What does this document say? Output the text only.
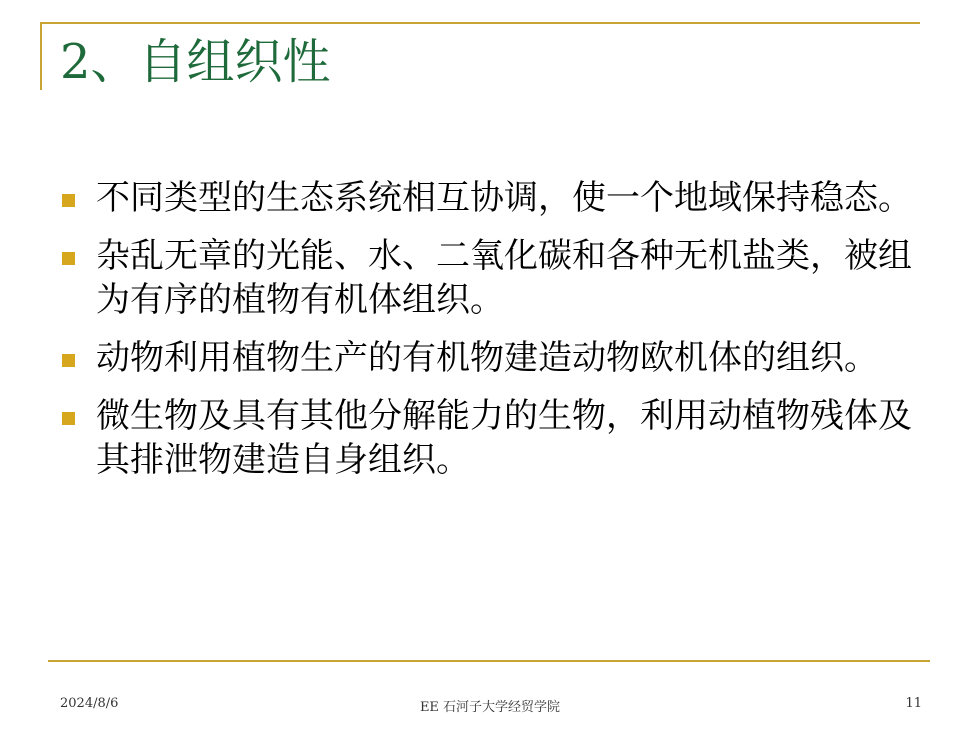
2、自组织性
不同类型的生态系统相互协调，使一个地域保持稳态。
杂乱无章的光能、水、二氧化碳和各种无机盐类，被组为有序的植物有机体组织。
动物利用植物生产的有机物建造动物欧机体的组织。
微生物及具有其他分解能力的生物，利用动植物残体及其排泄物建造自身组织。
2024/8/6	EE 石河子大学经贸学院	11
